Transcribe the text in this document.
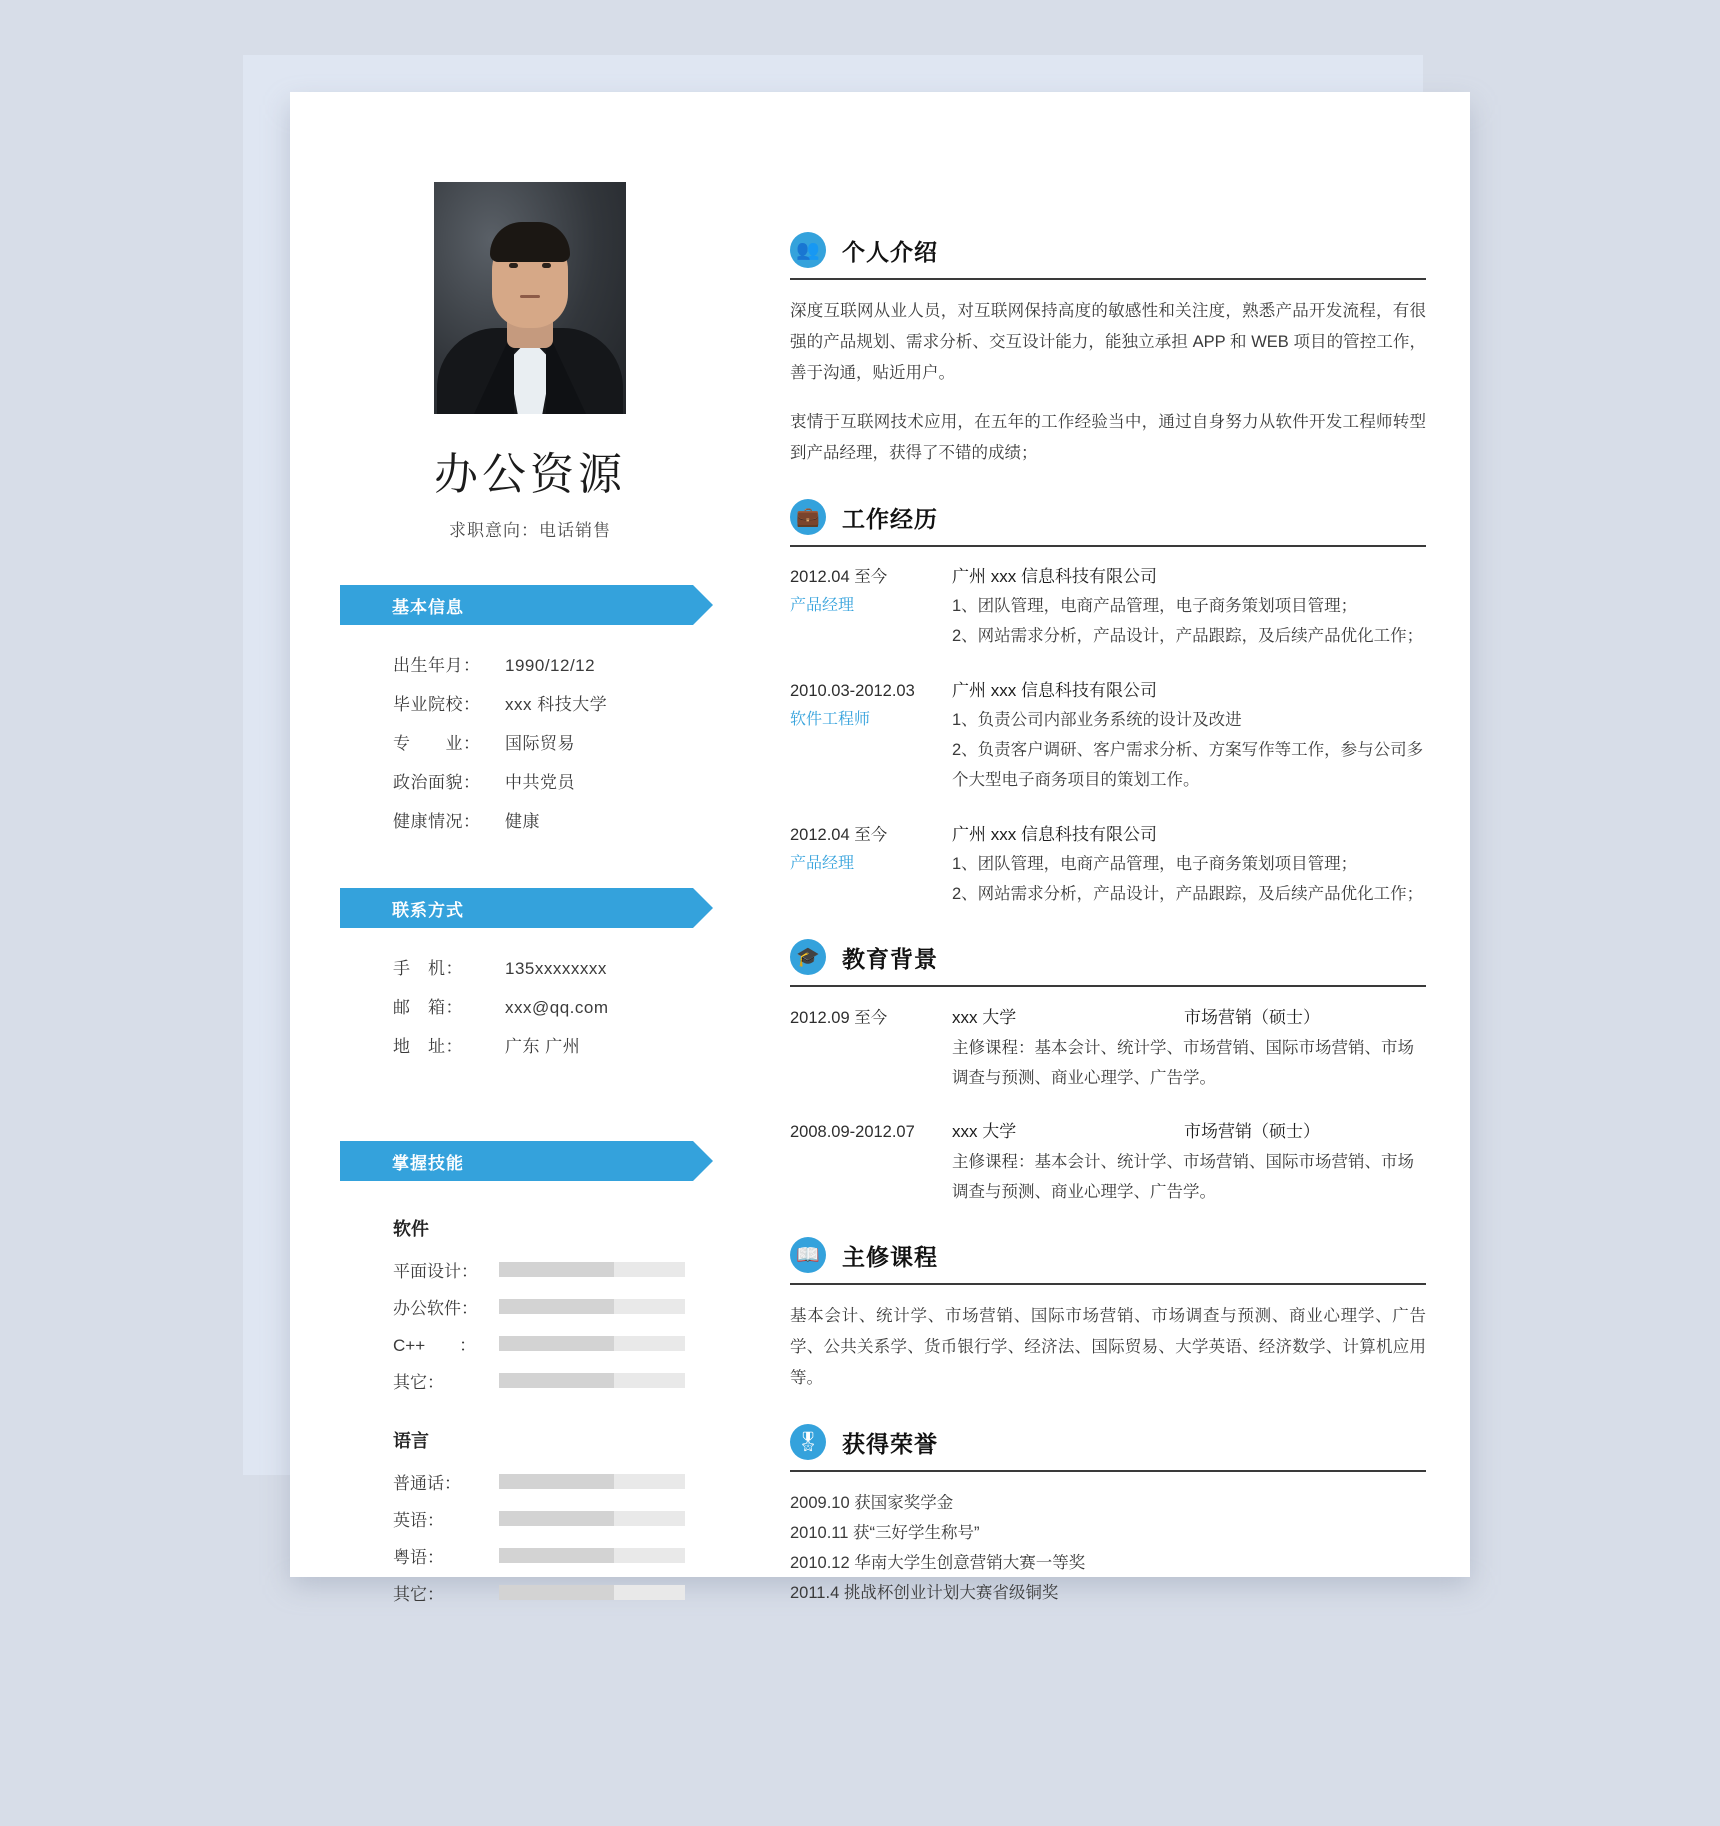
办公资源
求职意向：电话销售
基本信息
出生年月： 1990/12/12
毕业院校： xxx 科技大学
专　　业： 国际贸易
政治面貌： 中共党员
健康情况： 健康
联系方式
手　机： 135xxxxxxxx
邮　箱： xxx@qq.com
地　址： 广东 广州
掌握技能
软件
平面设计：
办公软件：
C++　　：
其它：
语言
普通话：
英语：
粤语：
其它：
👥 个人介绍

深度互联网从业人员，对互联网保持高度的敏感性和关注度，熟悉产品开发流程，有很强的产品规划、需求分析、交互设计能力，能独立承担 APP 和 WEB 项目的管控工作，善于沟通，贴近用户。

衷情于互联网技术应用，在五年的工作经验当中，通过自身努力从软件开发工程师转型到产品经理，获得了不错的成绩；

💼 工作经历
2012.04 至今
产品经理
广州 xxx 信息科技有限公司
1、团队管理，电商产品管理，电子商务策划项目管理；
2、网站需求分析，产品设计，产品跟踪，及后续产品优化工作；
2010.03-2012.03
软件工程师
广州 xxx 信息科技有限公司
1、负责公司内部业务系统的设计及改进
2、负责客户调研、客户需求分析、方案写作等工作，参与公司多个大型电子商务项目的策划工作。
2012.04 至今
产品经理
广州 xxx 信息科技有限公司
1、团队管理，电商产品管理，电子商务策划项目管理；
2、网站需求分析，产品设计，产品跟踪，及后续产品优化工作；
🎓 教育背景
2012.09 至今	xxx 大学	市场营销（硕士）
主修课程：基本会计、统计学、市场营销、国际市场营销、市场调查与预测、商业心理学、广告学。
2008.09-2012.07	xxx 大学	市场营销（硕士）
主修课程：基本会计、统计学、市场营销、国际市场营销、市场调查与预测、商业心理学、广告学。
📖 主修课程

基本会计、统计学、市场营销、国际市场营销、市场调查与预测、商业心理学、广告学、公共关系学、货币银行学、经济法、国际贸易、大学英语、经济数学、计算机应用等。

🎖 获得荣誉
2009.10 获国家奖学金
2010.11 获“三好学生称号”
2010.12 华南大学生创意营销大赛一等奖
2011.4 挑战杯创业计划大赛省级铜奖
